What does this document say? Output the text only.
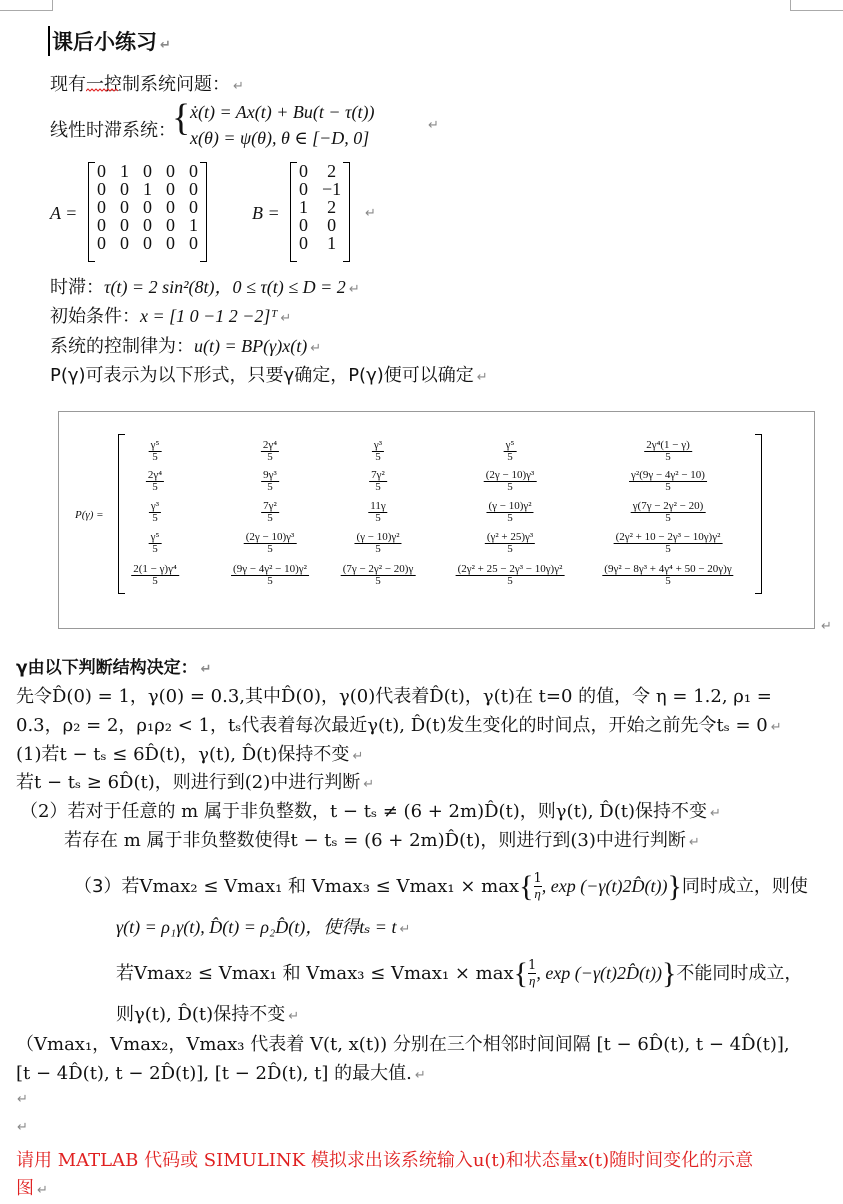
课后小练习 ↵
现有一控制系统问题： ↵
线性时滞系统：
{ ẋ(t) = Ax(t) + Bu(t − τ(t))
x(θ) = ψ(θ), θ ∈ [−D, 0]
↵
A =
0	1	0	0	0
0	0	1	0	0
0	0	0	0	0
0	0	0	0	1
0	0	0	0	0
B =
0	2
0	−1
1	2
0	0
0	1
↵
时滞：τ(t) = 2 sin²(8t)，0 ≤ τ(t) ≤ D = 2 ↵
初始条件：x = [1 0 −1 2 −2]ᵀ ↵
系统的控制律为：u(t) = BP(γ)x(t) ↵
P(γ)可表示为以下形式，只要γ确定，P(γ)便可以确定 ↵
P(γ) =
$\frac{\text{γ⁵}}{5}$	$\frac{\text{2γ⁴}}{5}$	$\frac{\text{γ³}}{5}$	$\frac{\text{γ⁵}}{5}$	$\frac{\text{2γ⁴(1 − γ)}}{5}$
$\frac{\text{2γ⁴}}{5}$	$\frac{\text{9γ³}}{5}$	$\frac{\text{7γ²}}{5}$	$\frac{\text{(2γ − 10)γ³}}{5}$	$\frac{\text{γ²(9γ − 4γ² − 10)}}{5}$
$\frac{\text{γ³}}{5}$	$\frac{\text{7γ²}}{5}$	$\frac{11\gamma}{5}$	$\frac{\text{(γ − 10)γ²}}{5}$	$\frac{\text{γ(7γ − 2γ² − 20)}}{5}$
$\frac{\text{γ⁵}}{5}$	$\frac{\text{(2γ − 10)γ³}}{5}$	$\frac{\text{(γ − 10)γ²}}{5}$	$\frac{\text{(γ² + 25)γ³}}{5}$	$\frac{\text{(2γ² + 10 − 2γ³ − 10γ)γ²}}{5}$
$\frac{\text{2(1 − γ)γ⁴}}{5}$	$\frac{\text{(9γ − 4γ² − 10)γ²}}{5}$	$\frac{\text{(7γ − 2γ² − 20)γ}}{5}$	$\frac{\text{(2γ² + 25 − 2γ³ − 10γ)γ²}}{5}$	$\frac{\text{(9γ² − 8γ³ + 4γ⁴ + 50 − 20γ)γ}}{5}$
↵
γ由以下判断结构决定： ↵
先令D̂(0) = 1，γ(0) = 0.3,其中D̂(0)，γ(0)代表着D̂(t)，γ(t)在 t=0 的值，令 η = 1.2, ρ₁ =
0.3，ρ₂ = 2，ρ₁ρ₂ < 1，tₛ代表着每次最近γ(t), D̂(t)发生变化的时间点，开始之前先令tₛ = 0 ↵
(1)若t − tₛ ≤ 6D̂(t)，γ(t), D̂(t)保持不变 ↵
若t − tₛ ≥ 6D̂(t)，则进行到(2)中进行判断 ↵
（2）若对于任意的 m 属于非负整数，t − tₛ ≠ (6 + 2m)D̂(t)，则γ(t), D̂(t)保持不变 ↵
若存在 m 属于非负整数使得t − tₛ = (6 + 2m)D̂(t)，则进行到(3)中进行判断 ↵
（3）若Vmax₂ ≤ Vmax₁ 和 $Vmax_3 \le Vmax_1 \times \max\{ \frac{1}{\eta}$, exp (−γ(t)2D̂(t))}同时成立，则使
γ(t) = ρ₁γ(t), D̂(t) = ρ₂D̂(t)，使得tₛ = t ↵
若Vmax₂ ≤ Vmax₁ 和 $Vmax_3 \le Vmax_1 \times \max\{ \frac{1}{\eta}$, exp (−γ(t)2D̂(t))}不能同时成立，
则γ(t), D̂(t)保持不变 ↵
（Vmax₁，Vmax₂，Vmax₃ 代表着 V(t, x(t)) 分别在三个相邻时间间隔 [t − 6D̂(t), t − 4D̂(t)],
[t − 4D̂(t), t − 2D̂(t)], [t − 2D̂(t), t] 的最大值. ↵
↵
↵
请用 MATLAB 代码或 SIMULINK 模拟求出该系统输入u(t)和状态量x(t)随时间变化的示意
图 ↵
